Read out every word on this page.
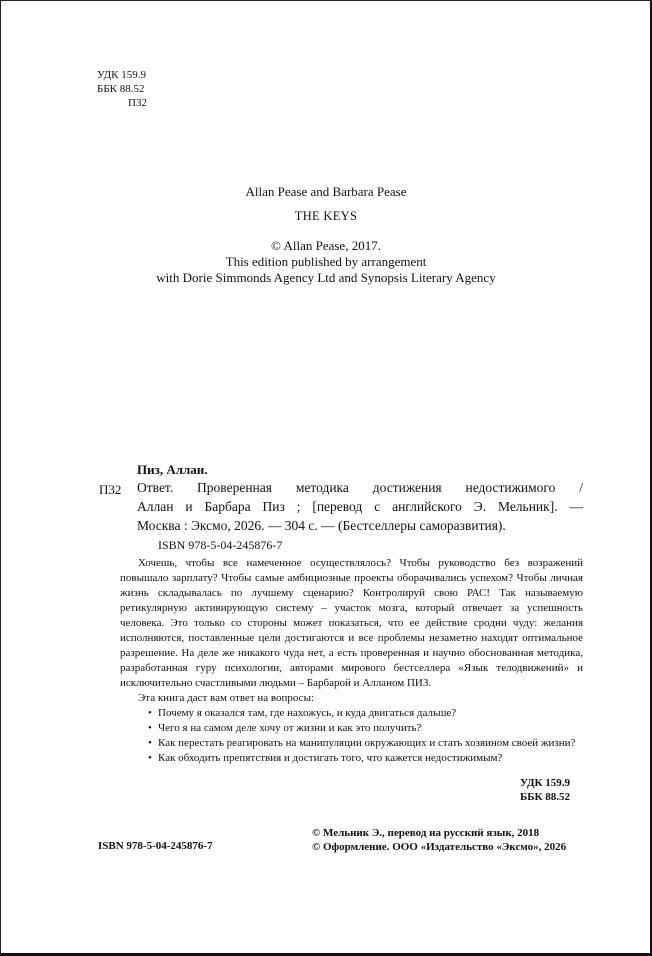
УДК 159.9
ББК 88.52
П32
Allan Pease and Barbara Pease
THE KEYS
© Allan Pease, 2017.
This edition published by arrangement
with Dorie Simmonds Agency Ltd and Synopsis Literary Agency
Пиз, Аллан.
П32 Ответ. Проверенная методика достижения недостижимого /
Аллан и Барбара Пиз ; [перевод с английского Э. Мельник]. —
Москва : Эксмо, 2026. — 304 с. — (Бестселлеры саморазвития).
ISBN 978-5-04-245876-7

Хочешь, чтобы все намеченное осуществлялось? Чтобы руководство без возражений повышало зарплату? Чтобы самые амбициозные проекты оборачивались успехом? Чтобы личная жизнь складывалась по лучшему сценарию? Контролируй свою РАС! Так называемую ретикулярную активирующую систему – участок мозга, который отвечает за успешность человека. Это только со стороны может показаться, что ее действие сродни чуду: желания исполняются, поставленные цели достигаются и все проблемы незаметно находят оптимальное разрешение. На деле же никакого чуда нет, а есть проверенная и научно обоснованная методика, разработанная гуру психологии, авторами мирового бестселлера «Язык телодвижений» и исключительно счастливыми людьми – Барбарой и Алланом ПИЗ.

Эта книга даст вам ответ на вопросы:

• Почему я оказался там, где нахожусь, и куда двигаться дальше?
• Чего я на самом деле хочу от жизни и как это получить?
• Как перестать реагировать на манипуляции окружающих и стать хозяином своей жизни?
• Как обходить препятствия и достигать того, что кажется недостижимым?
УДК 159.9
ББК 88.52
ISBN 978-5-04-245876-7
© Мельник Э., перевод на русский язык, 2018
© Оформление. ООО «Издательство «Эксмо», 2026
